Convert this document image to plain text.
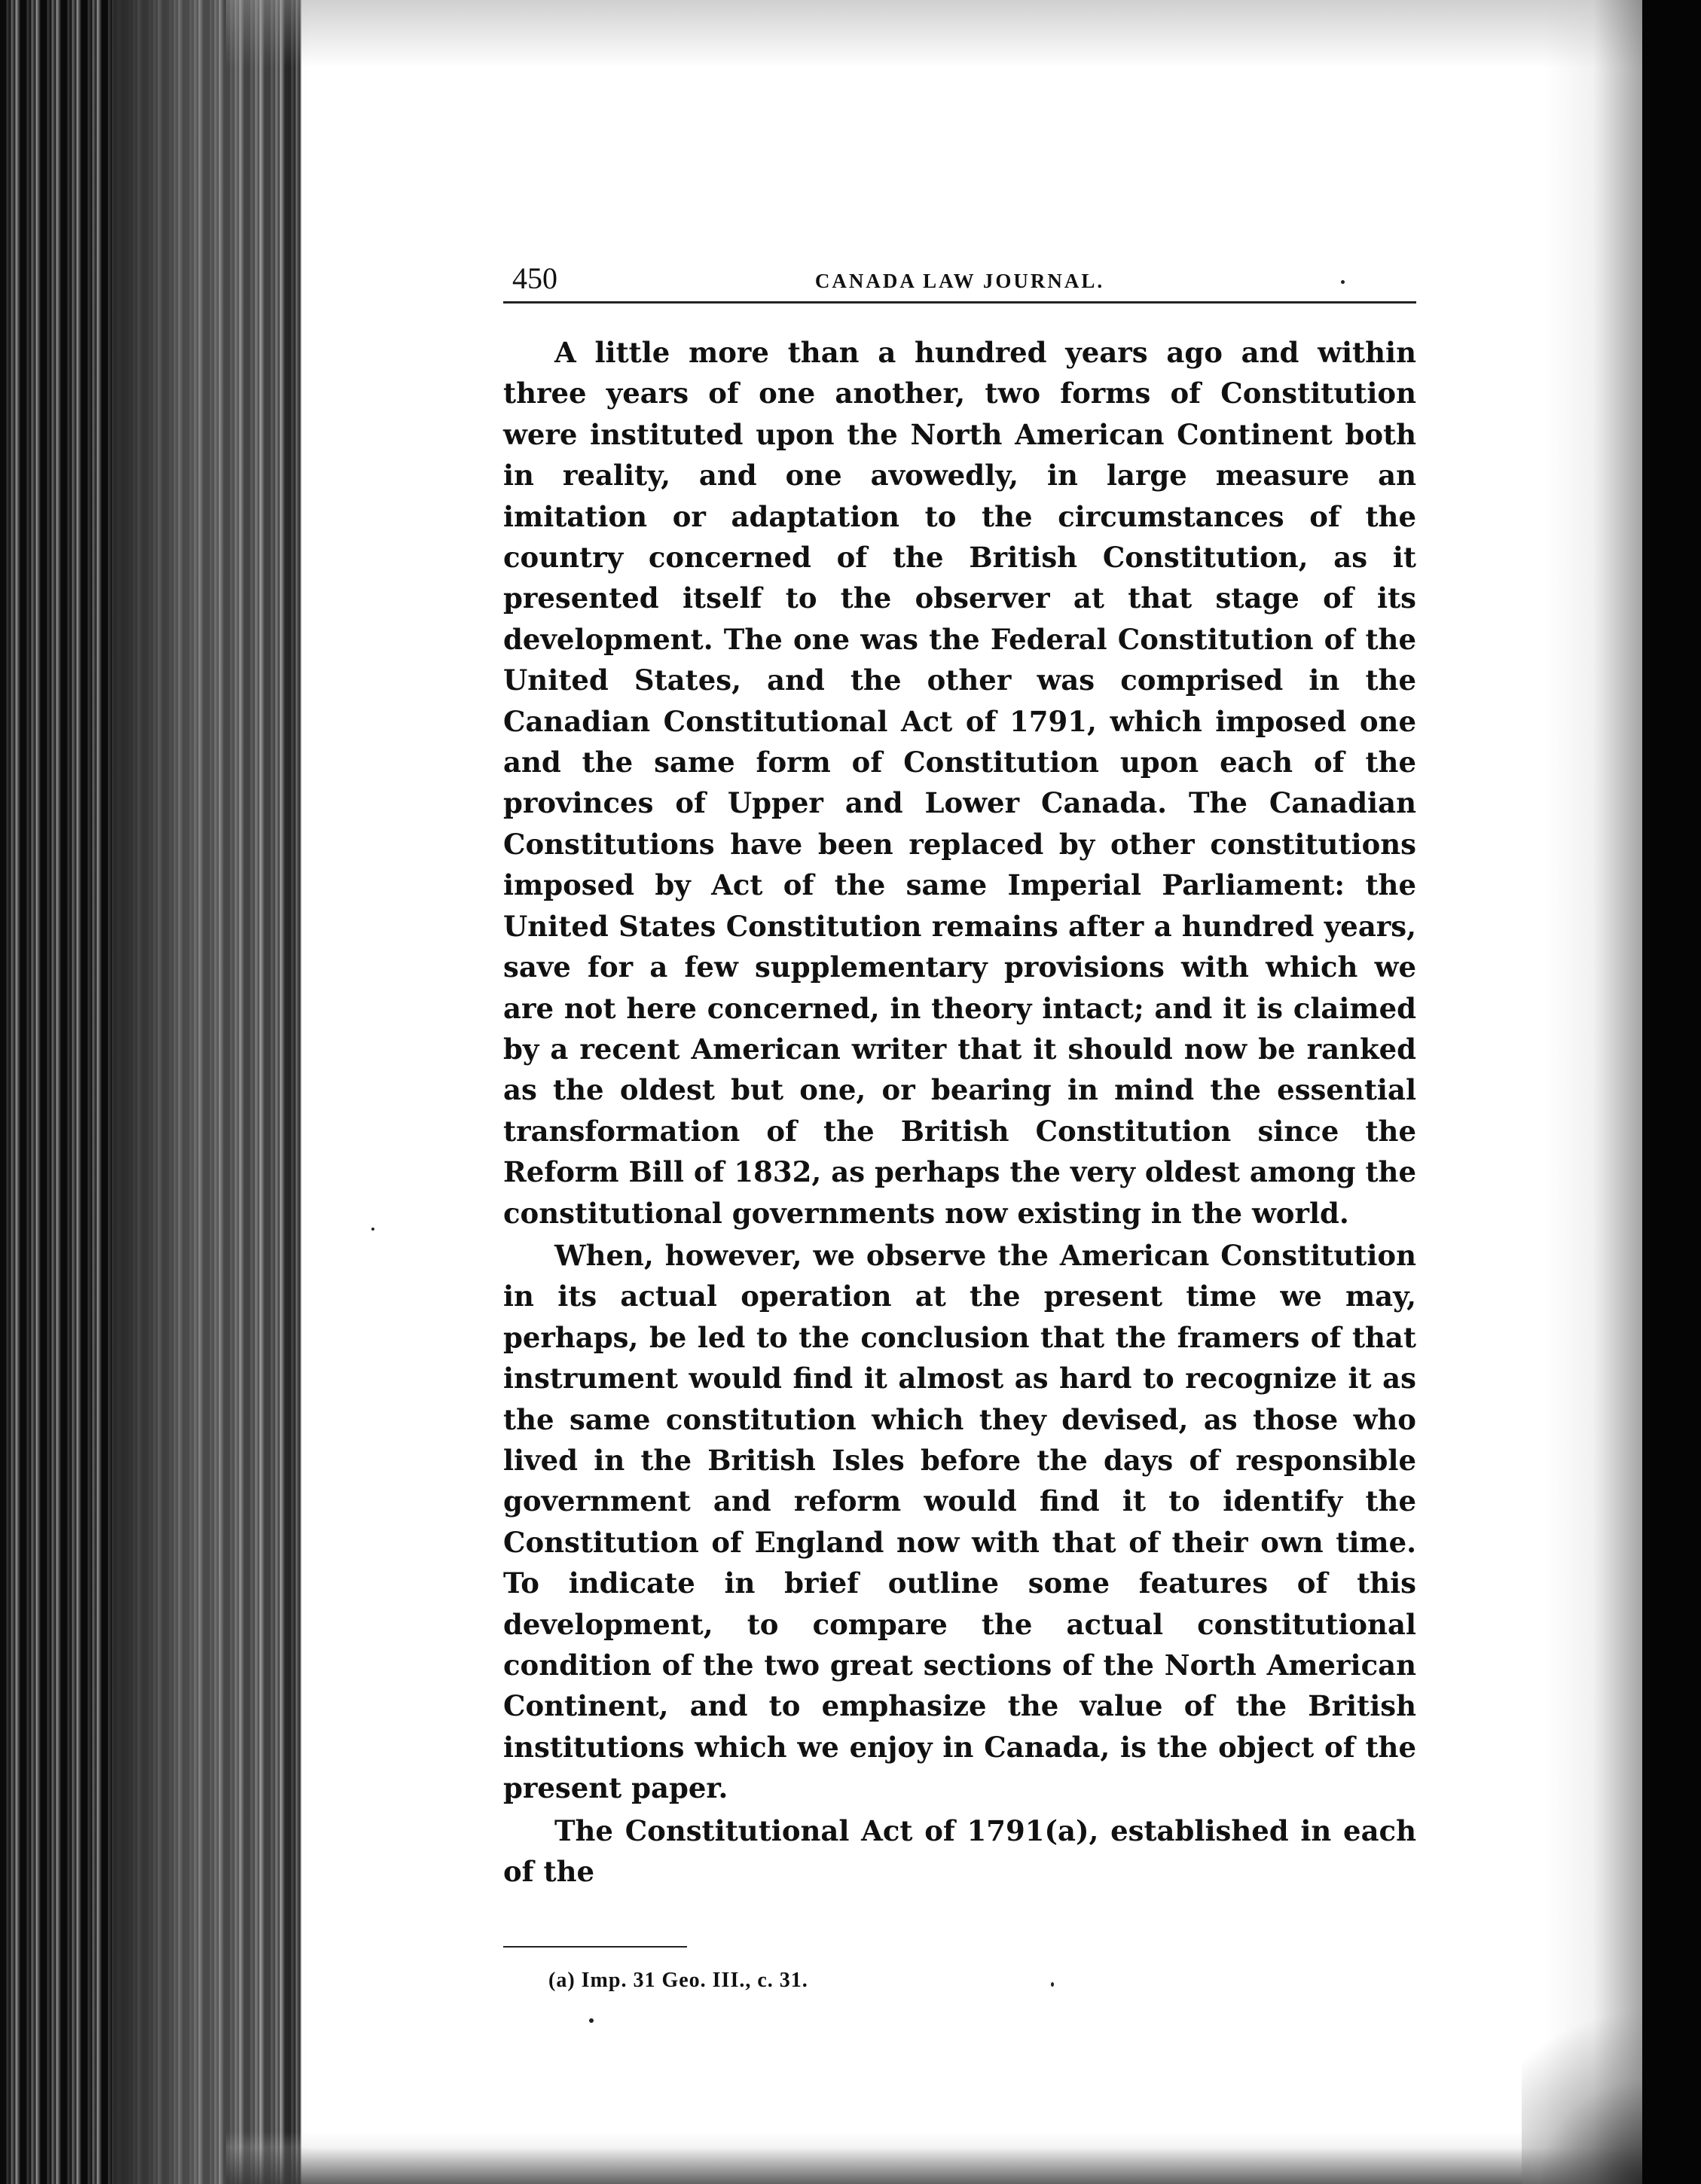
450	CANADA LAW JOURNAL.

A little more than a hundred years ago and within three years of one another, two forms of Constitution were instituted upon the North American Continent both in reality, and one avowedly, in large measure an imitation or adaptation to the circumstances of the country concerned of the British Constitution, as it presented itself to the observer at that stage of its development. The one was the Federal Constitution of the United States, and the other was comprised in the Canadian Constitutional Act of 1791, which imposed one and the same form of Constitution upon each of the provinces of Upper and Lower Canada. The Canadian Constitutions have been replaced by other constitutions imposed by Act of the same Imperial Parliament: the United States Constitution remains after a hundred years, save for a few supplementary provisions with which we are not here concerned, in theory intact; and it is claimed by a recent American writer that it should now be ranked as the oldest but one, or bearing in mind the essential transformation of the British Constitution since the Reform Bill of 1832, as perhaps the very oldest among the constitutional governments now existing in the world.

When, however, we observe the American Constitution in its actual operation at the present time we may, perhaps, be led to the conclusion that the framers of that instrument would find it almost as hard to recognize it as the same constitution which they devised, as those who lived in the British Isles before the days of responsible government and reform would find it to identify the Constitution of England now with that of their own time. To indicate in brief outline some features of this development, to compare the actual constitutional condition of the two great sections of the North American Continent, and to emphasize the value of the British institutions which we enjoy in Canada, is the object of the present paper.

The Constitutional Act of 1791(a), established in each of the

(a) Imp. 31 Geo. III., c. 31.
